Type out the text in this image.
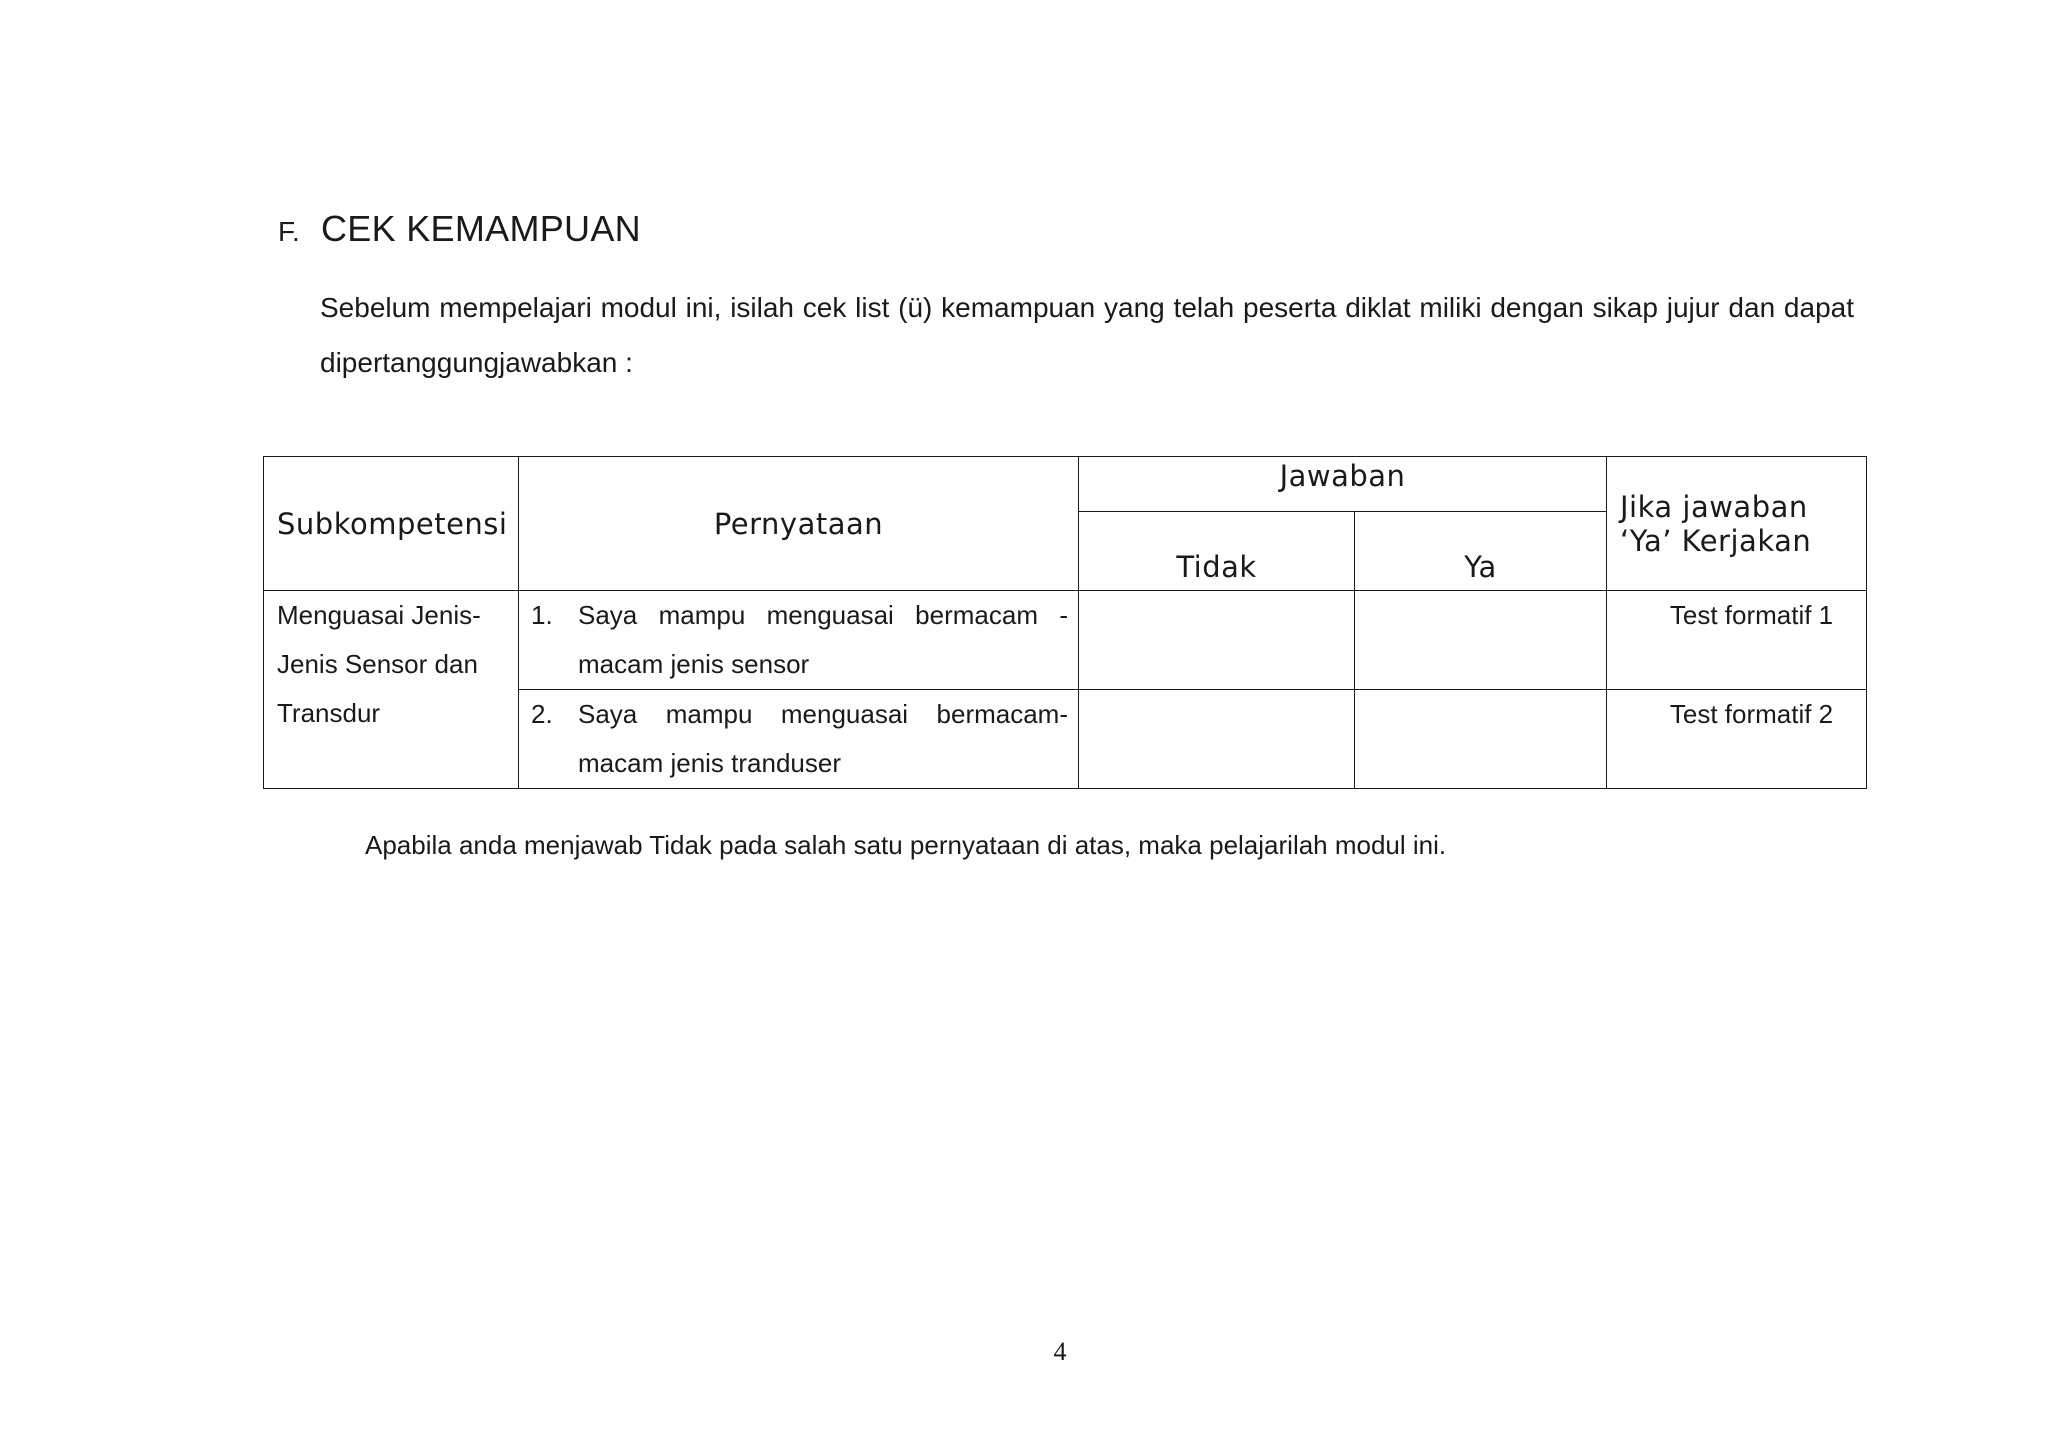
F. CEK KEMAMPUAN

Sebelum mempelajari modul ini, isilah cek list (ü) kemampuan yang telah peserta diklat miliki dengan sikap jujur dan dapat dipertanggungjawabkan :

Subkompetensi	Pernyataan	Jawaban		Jika jawaban
‘Ya’ Kerjakan

		Tidak	Ya	
Menguasai Jenis-Jenis Sensor dan Transdur	1. Saya mampu menguasai bermacam - macam jenis sensor			Test formatif 1

	2. Saya mampu menguasai bermacam-macam jenis tranduser			Test formatif 2
Apabila anda menjawab Tidak pada salah satu pernyataan di atas, maka pelajarilah modul ini.
4
